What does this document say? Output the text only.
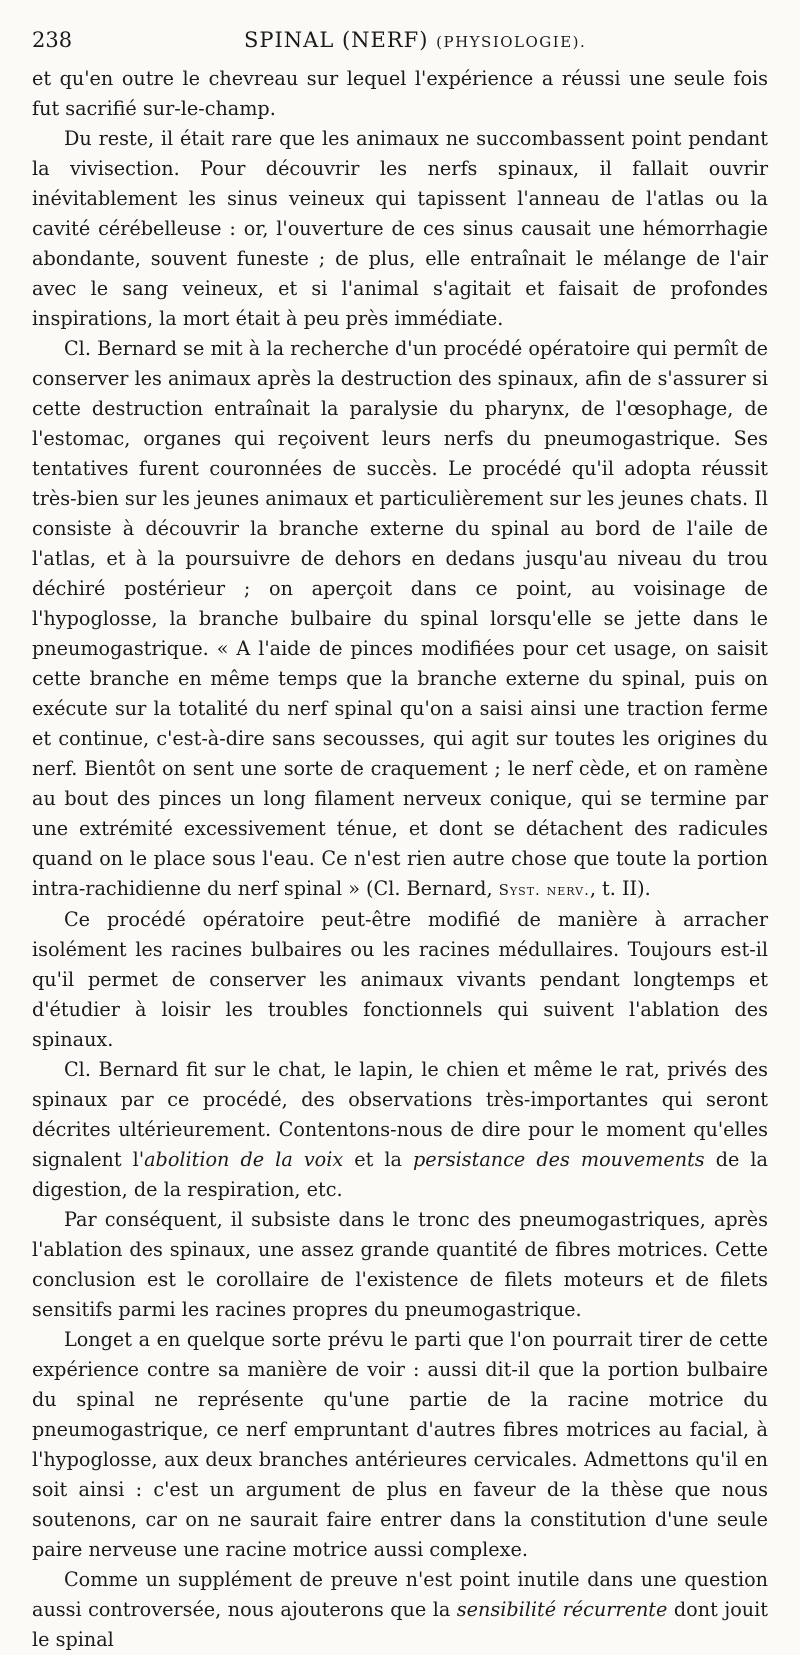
238	SPINAL (NERF) (PHYSIOLOGIE).

et qu'en outre le chevreau sur lequel l'expérience a réussi une seule fois fut sacrifié sur-le-champ.

Du reste, il était rare que les animaux ne succombassent point pendant la vivisection. Pour découvrir les nerfs spinaux, il fallait ouvrir inévitablement les sinus veineux qui tapissent l'anneau de l'atlas ou la cavité cérébelleuse : or, l'ouverture de ces sinus causait une hémorrhagie abondante, souvent funeste ; de plus, elle entraînait le mélange de l'air avec le sang veineux, et si l'animal s'agitait et faisait de profondes inspirations, la mort était à peu près immédiate.

Cl. Bernard se mit à la recherche d'un procédé opératoire qui permît de conserver les animaux après la destruction des spinaux, afin de s'assurer si cette destruction entraînait la paralysie du pharynx, de l'œsophage, de l'estomac, organes qui reçoivent leurs nerfs du pneumogastrique. Ses tentatives furent couronnées de succès. Le procédé qu'il adopta réussit très-bien sur les jeunes animaux et particulièrement sur les jeunes chats. Il consiste à découvrir la branche externe du spinal au bord de l'aile de l'atlas, et à la poursuivre de dehors en dedans jusqu'au niveau du trou déchiré postérieur ; on aperçoit dans ce point, au voisinage de l'hypoglosse, la branche bulbaire du spinal lorsqu'elle se jette dans le pneumogastrique. « A l'aide de pinces modifiées pour cet usage, on saisit cette branche en même temps que la branche externe du spinal, puis on exécute sur la totalité du nerf spinal qu'on a saisi ainsi une traction ferme et continue, c'est-à-dire sans secousses, qui agit sur toutes les origines du nerf. Bientôt on sent une sorte de craquement ; le nerf cède, et on ramène au bout des pinces un long filament nerveux conique, qui se termine par une extrémité excessivement ténue, et dont se détachent des radicules quand on le place sous l'eau. Ce n'est rien autre chose que toute la portion intra-rachidienne du nerf spinal » (Cl. Bernard, Syst. nerv., t. II).

Ce procédé opératoire peut-être modifié de manière à arracher isolément les racines bulbaires ou les racines médullaires. Toujours est-il qu'il permet de conserver les animaux vivants pendant longtemps et d'étudier à loisir les troubles fonctionnels qui suivent l'ablation des spinaux.

Cl. Bernard fit sur le chat, le lapin, le chien et même le rat, privés des spinaux par ce procédé, des observations très-importantes qui seront décrites ultérieurement. Contentons-nous de dire pour le moment qu'elles signalent l'abolition de la voix et la persistance des mouvements de la digestion, de la respiration, etc.

Par conséquent, il subsiste dans le tronc des pneumogastriques, après l'ablation des spinaux, une assez grande quantité de fibres motrices. Cette conclusion est le corollaire de l'existence de filets moteurs et de filets sensitifs parmi les racines propres du pneumogastrique.

Longet a en quelque sorte prévu le parti que l'on pourrait tirer de cette expérience contre sa manière de voir : aussi dit-il que la portion bulbaire du spinal ne représente qu'une partie de la racine motrice du pneumogastrique, ce nerf empruntant d'autres fibres motrices au facial, à l'hypoglosse, aux deux branches antérieures cervicales. Admettons qu'il en soit ainsi : c'est un argument de plus en faveur de la thèse que nous soutenons, car on ne saurait faire entrer dans la constitution d'une seule paire nerveuse une racine motrice aussi complexe.

Comme un supplément de preuve n'est point inutile dans une question aussi controversée, nous ajouterons que la sensibilité récurrente dont jouit le spinal
